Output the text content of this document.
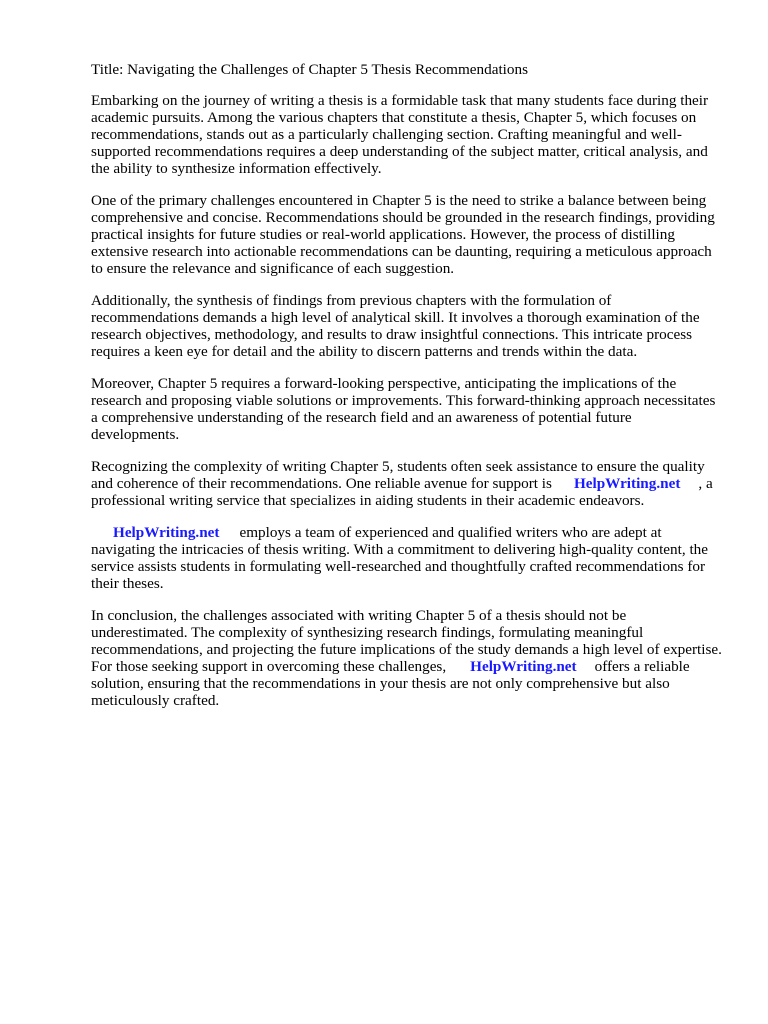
Title: Navigating the Challenges of Chapter 5 Thesis Recommendations

Embarking on the journey of writing a thesis is a formidable task that many students face during their academic pursuits. Among the various chapters that constitute a thesis, Chapter 5, which focuses on recommendations, stands out as a particularly challenging section. Crafting meaningful and well-supported recommendations requires a deep understanding of the subject matter, critical analysis, and the ability to synthesize information effectively.

One of the primary challenges encountered in Chapter 5 is the need to strike a balance between being comprehensive and concise. Recommendations should be grounded in the research findings, providing practical insights for future studies or real-world applications. However, the process of distilling extensive research into actionable recommendations can be daunting, requiring a meticulous approach to ensure the relevance and significance of each suggestion.

Additionally, the synthesis of findings from previous chapters with the formulation of recommendations demands a high level of analytical skill. It involves a thorough examination of the research objectives, methodology, and results to draw insightful connections. This intricate process requires a keen eye for detail and the ability to discern patterns and trends within the data.

Moreover, Chapter 5 requires a forward-looking perspective, anticipating the implications of the research and proposing viable solutions or improvements. This forward-thinking approach necessitates a comprehensive understanding of the research field and an awareness of potential future developments.

Recognizing the complexity of writing Chapter 5, students often seek assistance to ensure the quality and coherence of their recommendations. One reliable avenue for support is HelpWriting.net , a professional writing service that specializes in aiding students in their academic endeavors.

HelpWriting.net employs a team of experienced and qualified writers who are adept at navigating the intricacies of thesis writing. With a commitment to delivering high-quality content, the service assists students in formulating well-researched and thoughtfully crafted recommendations for their theses.

In conclusion, the challenges associated with writing Chapter 5 of a thesis should not be underestimated. The complexity of synthesizing research findings, formulating meaningful recommendations, and projecting the future implications of the study demands a high level of expertise. For those seeking support in overcoming these challenges, HelpWriting.net offers a reliable solution, ensuring that the recommendations in your thesis are not only comprehensive but also meticulously crafted.
